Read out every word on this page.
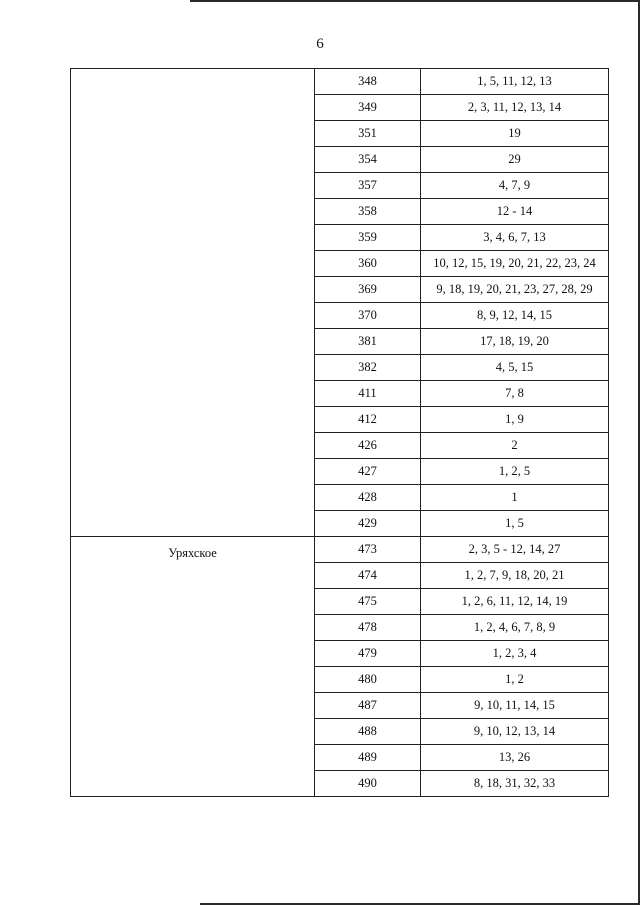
6
	348	1, 5, 11, 12, 13
	349	2, 3, 11, 12, 13, 14
	351	19
	354	29
	357	4, 7, 9
	358	12 - 14
	359	3, 4, 6, 7, 13
	360	10, 12, 15, 19, 20, 21, 22, 23, 24
	369	9, 18, 19, 20, 21, 23, 27, 28, 29
	370	8, 9, 12, 14, 15
	381	17, 18, 19, 20
	382	4, 5, 15
	411	7, 8
	412	1, 9
	426	2
	427	1, 2, 5
	428	1
	429	1, 5
Уряхское	473	2, 3, 5 - 12, 14, 27
	474	1, 2, 7, 9, 18, 20, 21
	475	1, 2, 6, 11, 12, 14, 19
	478	1, 2, 4, 6, 7, 8, 9
	479	1, 2, 3, 4
	480	1, 2
	487	9, 10, 11, 14, 15
	488	9, 10, 12, 13, 14
	489	13, 26
	490	8, 18, 31, 32, 33
